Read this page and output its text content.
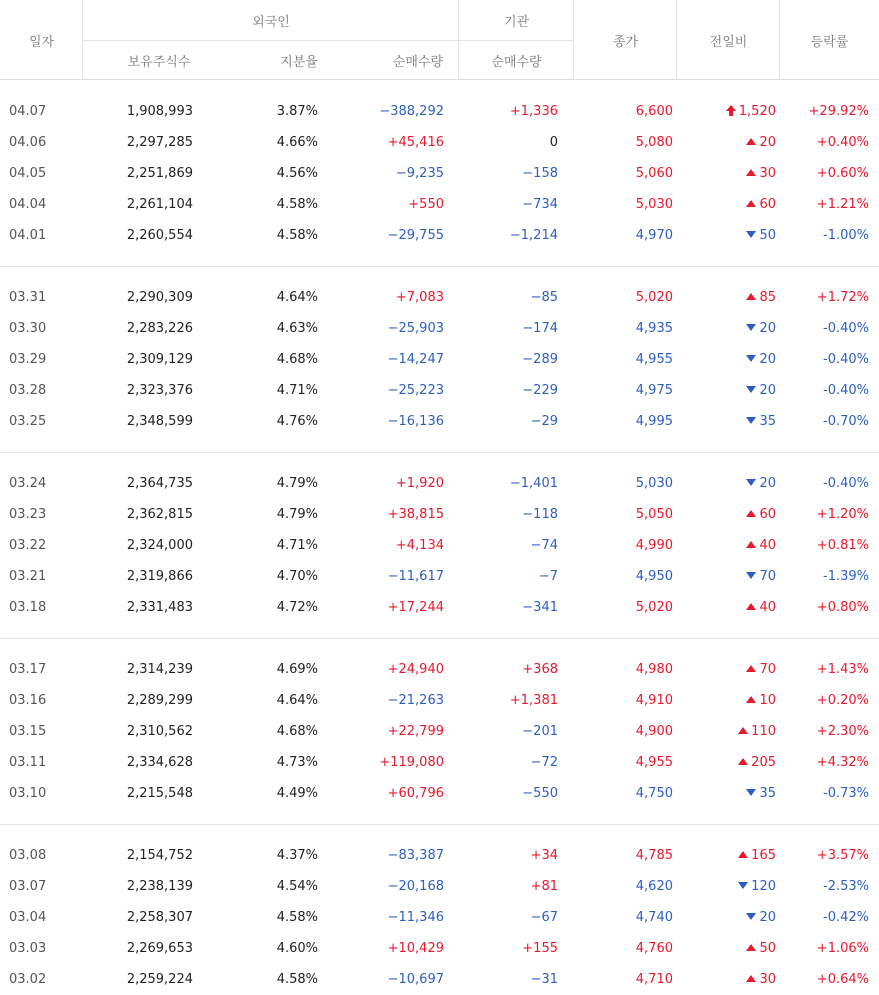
일자
외국인	기관
보유주식수	지분율	순매수량	순매수량
종가	전일비	등락률
04.07	1,908,993	3.87%	−388,292	+1,336	6,600	1,520	+29.92%
04.06	2,297,285	4.66%	+45,416	0	5,080	20	+0.40%
04.05	2,251,869	4.56%	−9,235	−158	5,060	30	+0.60%
04.04	2,261,104	4.58%	+550	−734	5,030	60	+1.21%
04.01	2,260,554	4.58%	−29,755	−1,214	4,970	50	-1.00%
03.31	2,290,309	4.64%	+7,083	−85	5,020	85	+1.72%
03.30	2,283,226	4.63%	−25,903	−174	4,935	20	-0.40%
03.29	2,309,129	4.68%	−14,247	−289	4,955	20	-0.40%
03.28	2,323,376	4.71%	−25,223	−229	4,975	20	-0.40%
03.25	2,348,599	4.76%	−16,136	−29	4,995	35	-0.70%
03.24	2,364,735	4.79%	+1,920	−1,401	5,030	20	-0.40%
03.23	2,362,815	4.79%	+38,815	−118	5,050	60	+1.20%
03.22	2,324,000	4.71%	+4,134	−74	4,990	40	+0.81%
03.21	2,319,866	4.70%	−11,617	−7	4,950	70	-1.39%
03.18	2,331,483	4.72%	+17,244	−341	5,020	40	+0.80%
03.17	2,314,239	4.69%	+24,940	+368	4,980	70	+1.43%
03.16	2,289,299	4.64%	−21,263	+1,381	4,910	10	+0.20%
03.15	2,310,562	4.68%	+22,799	−201	4,900	110	+2.30%
03.11	2,334,628	4.73%	+119,080	−72	4,955	205	+4.32%
03.10	2,215,548	4.49%	+60,796	−550	4,750	35	-0.73%
03.08	2,154,752	4.37%	−83,387	+34	4,785	165	+3.57%
03.07	2,238,139	4.54%	−20,168	+81	4,620	120	-2.53%
03.04	2,258,307	4.58%	−11,346	−67	4,740	20	-0.42%
03.03	2,269,653	4.60%	+10,429	+155	4,760	50	+1.06%
03.02	2,259,224	4.58%	−10,697	−31	4,710	30	+0.64%
